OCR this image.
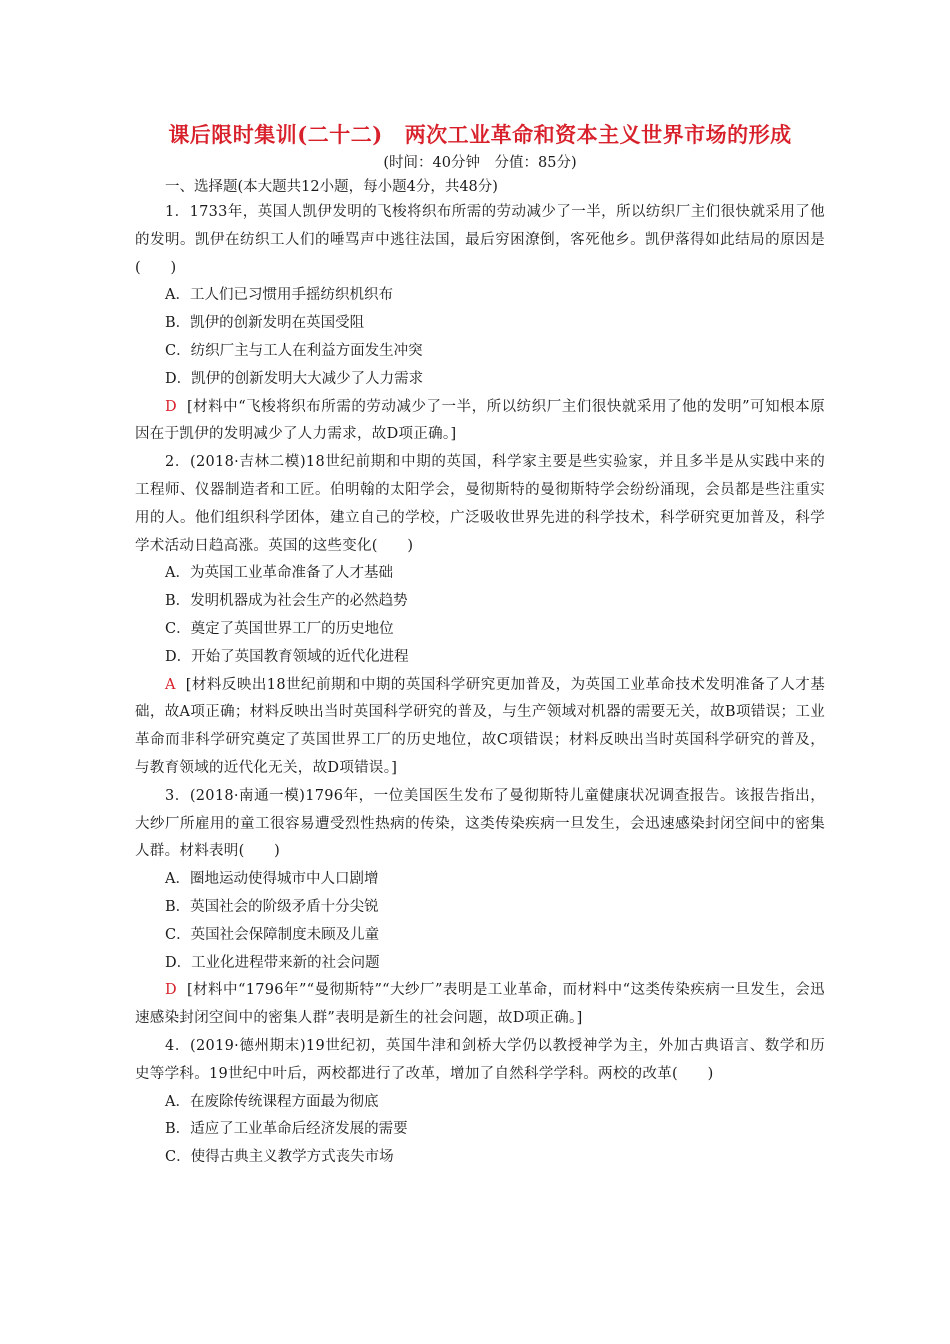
课后限时集训(二十二) 两次工业革命和资本主义世界市场的形成
(时间：40分钟　分值：85分)
一、选择题(本大题共12小题，每小题4分，共48分)
1．1733年，英国人凯伊发明的飞梭将织布所需的劳动减少了一半，所以纺织厂主们很快就采用了他的发明。凯伊在纺织工人们的唾骂声中逃往法国，最后穷困潦倒，客死他乡。凯伊落得如此结局的原因是(　　)
A．工人们已习惯用手摇纺织机织布
B．凯伊的创新发明在英国受阻
C．纺织厂主与工人在利益方面发生冲突
D．凯伊的创新发明大大减少了人力需求
D [材料中“飞梭将织布所需的劳动减少了一半，所以纺织厂主们很快就采用了他的发明”可知根本原因在于凯伊的发明减少了人力需求，故D项正确。]
2．(2018·吉林二模)18世纪前期和中期的英国，科学家主要是些实验家，并且多半是从实践中来的工程师、仪器制造者和工匠。伯明翰的太阳学会，曼彻斯特的曼彻斯特学会纷纷涌现，会员都是些注重实用的人。他们组织科学团体，建立自己的学校，广泛吸收世界先进的科学技术，科学研究更加普及，科学学术活动日趋高涨。英国的这些变化(　　)
A．为英国工业革命准备了人才基础
B．发明机器成为社会生产的必然趋势
C．奠定了英国世界工厂的历史地位
D．开始了英国教育领域的近代化进程
A [材料反映出18世纪前期和中期的英国科学研究更加普及，为英国工业革命技术发明准备了人才基础，故A项正确；材料反映出当时英国科学研究的普及，与生产领域对机器的需要无关，故B项错误；工业革命而非科学研究奠定了英国世界工厂的历史地位，故C项错误；材料反映出当时英国科学研究的普及，与教育领域的近代化无关，故D项错误。]
3．(2018·南通一模)1796年，一位美国医生发布了曼彻斯特儿童健康状况调查报告。该报告指出，大纱厂所雇用的童工很容易遭受烈性热病的传染，这类传染疾病一旦发生，会迅速感染封闭空间中的密集人群。材料表明(　　)
A．圈地运动使得城市中人口剧增
B．英国社会的阶级矛盾十分尖锐
C．英国社会保障制度未顾及儿童
D．工业化进程带来新的社会问题
D [材料中“1796年”“曼彻斯特”“大纱厂”表明是工业革命，而材料中“这类传染疾病一旦发生，会迅速感染封闭空间中的密集人群”表明是新生的社会问题，故D项正确。]
4．(2019·德州期末)19世纪初，英国牛津和剑桥大学仍以教授神学为主，外加古典语言、数学和历史等学科。19世纪中叶后，两校都进行了改革，增加了自然科学学科。两校的改革(　　)
A．在废除传统课程方面最为彻底
B．适应了工业革命后经济发展的需要
C．使得古典主义教学方式丧失市场
